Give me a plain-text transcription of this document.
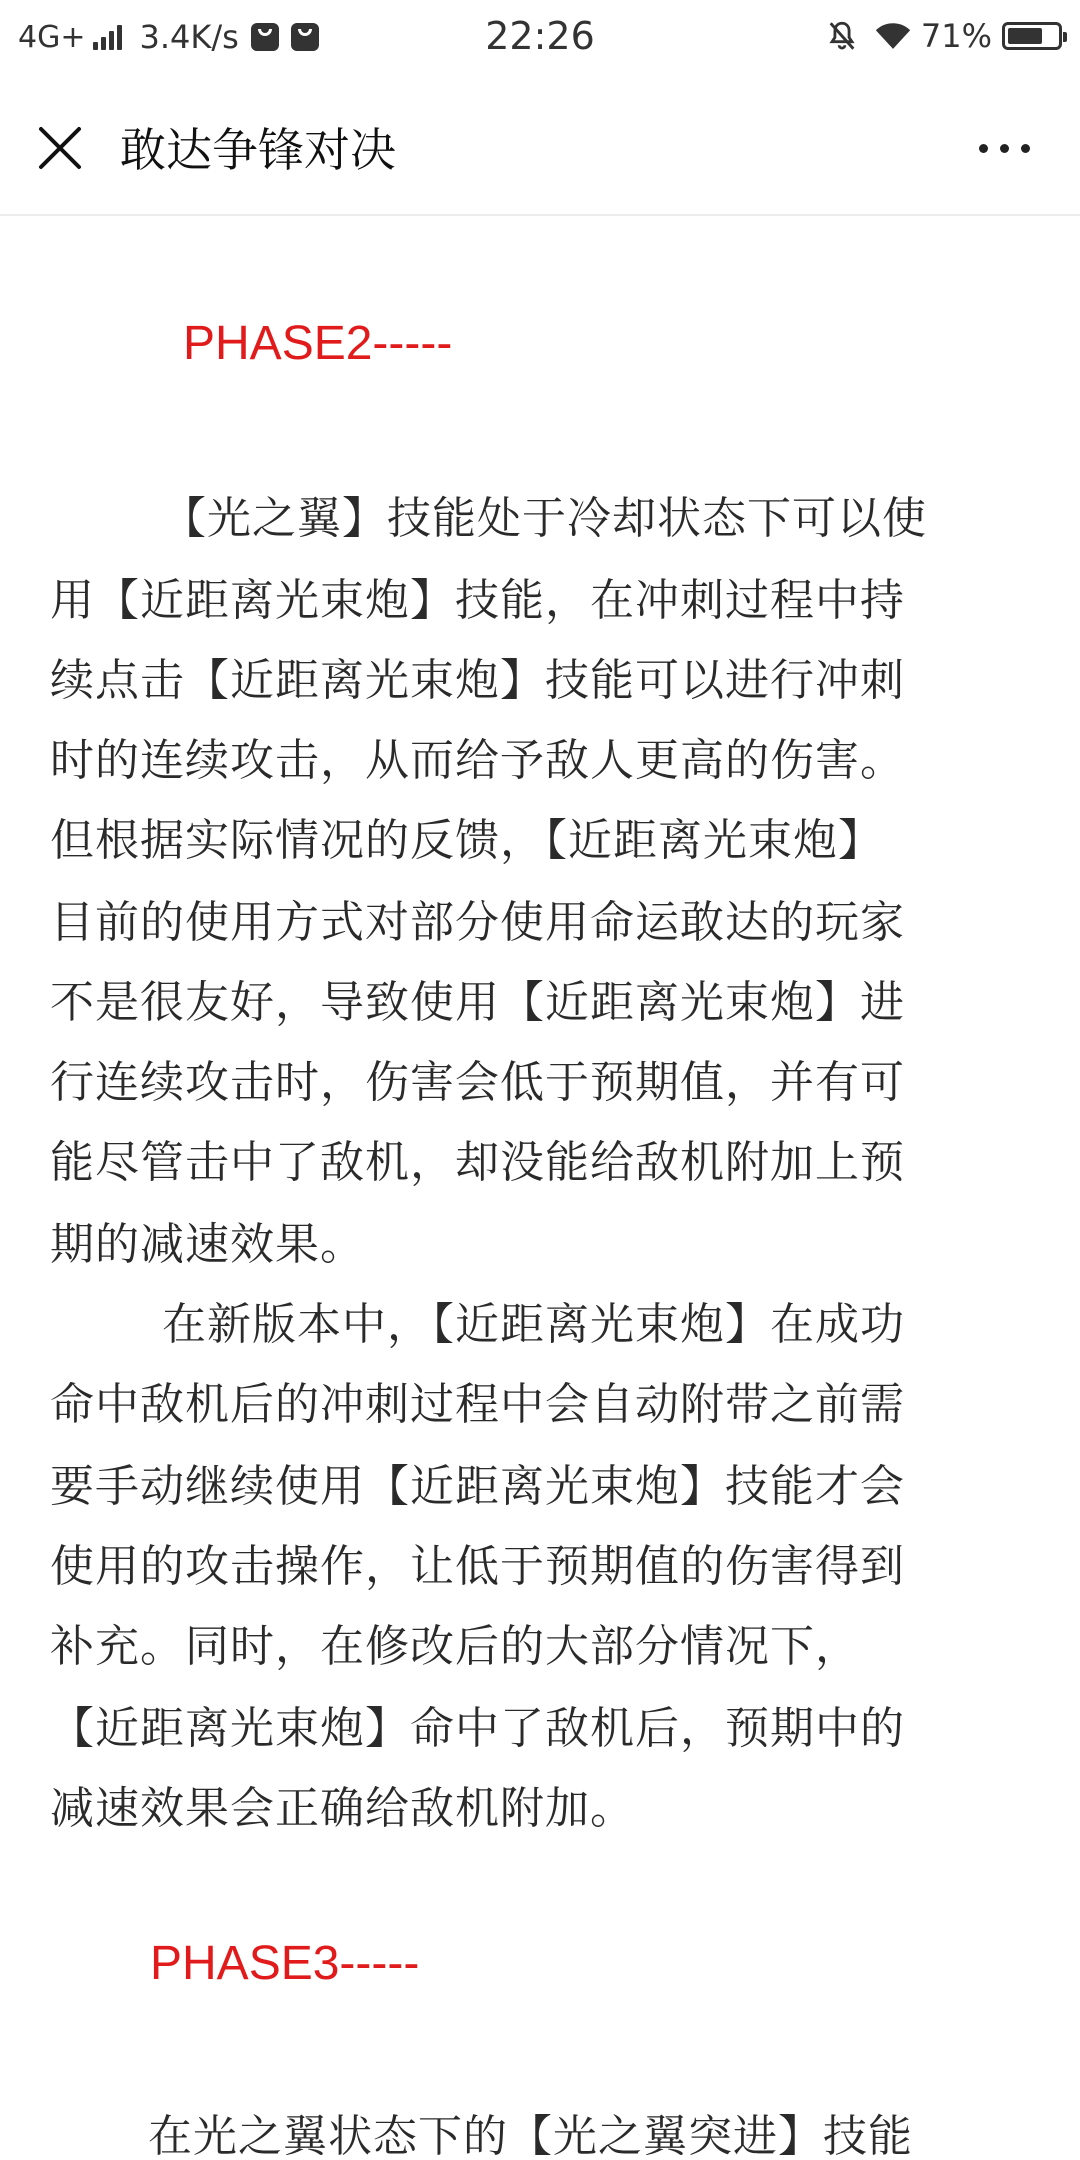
4G+ 3.4K/s	22:26	71%
敢达争锋对决
PHASE2-----
【光之翼】技能处于冷却状态下可以使
用【近距离光束炮】技能，在冲刺过程中持
续点击【近距离光束炮】技能可以进行冲刺
时的连续攻击，从而给予敌人更高的伤害。
但根据实际情况的反馈，【近距离光束炮】
目前的使用方式对部分使用命运敢达的玩家
不是很友好，导致使用【近距离光束炮】进
行连续攻击时，伤害会低于预期值，并有可
能尽管击中了敌机，却没能给敌机附加上预
期的减速效果。
在新版本中，【近距离光束炮】在成功
命中敌机后的冲刺过程中会自动附带之前需
要手动继续使用【近距离光束炮】技能才会
使用的攻击操作，让低于预期值的伤害得到
补充。同时，在修改后的大部分情况下，
【近距离光束炮】命中了敌机后，预期中的
减速效果会正确给敌机附加。
PHASE3-----
在光之翼状态下的【光之翼突进】技能
